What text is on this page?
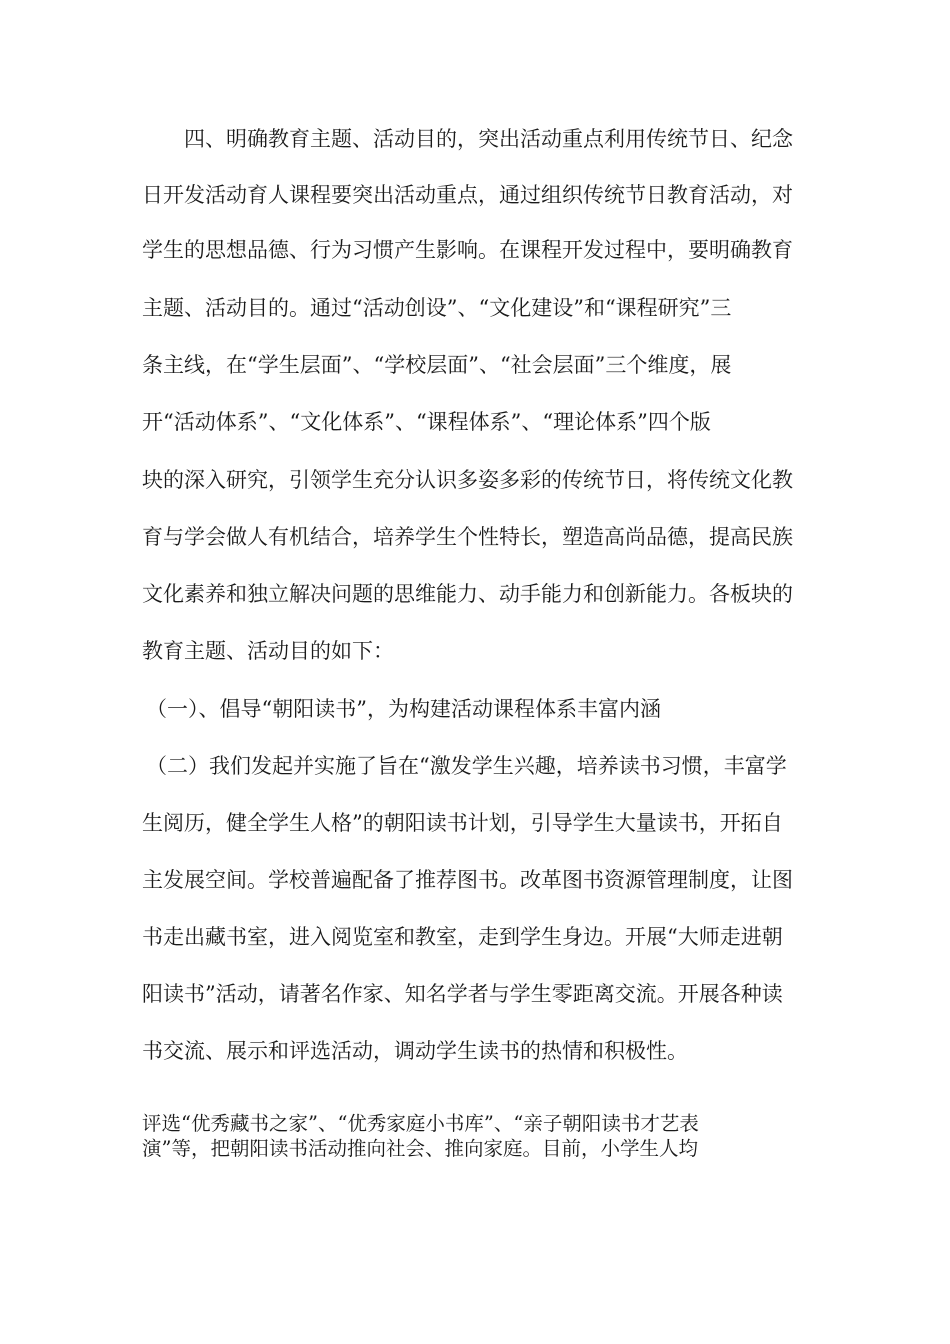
四、明确教育主题、活动目的，突出活动重点利用传统节日、纪念
日开发活动育人课程要突出活动重点，通过组织传统节日教育活动，对
学生的思想品德、行为习惯产生影响。在课程开发过程中，要明确教育
主题、活动目的。通过“活动创设”、“文化建设”和“课程研究”三
条主线，在“学生层面”、“学校层面”、“社会层面”三个维度，展
开“活动体系”、“文化体系”、“课程体系”、“理论体系”四个版
块的深入研究，引领学生充分认识多姿多彩的传统节日，将传统文化教
育与学会做人有机结合，培养学生个性特长，塑造高尚品德，提高民族
文化素养和独立解决问题的思维能力、动手能力和创新能力。各板块的
教育主题、活动目的如下：
（一）、倡导“朝阳读书”，为构建活动课程体系丰富内涵
（二）我们发起并实施了旨在“激发学生兴趣，培养读书习惯，丰富学
生阅历，健全学生人格”的朝阳读书计划，引导学生大量读书，开拓自
主发展空间。学校普遍配备了推荐图书。改革图书资源管理制度，让图
书走出藏书室，进入阅览室和教室，走到学生身边。开展“大师走进朝
阳读书”活动，请著名作家、知名学者与学生零距离交流。开展各种读
书交流、展示和评选活动，调动学生读书的热情和积极性。
评选“优秀藏书之家”、“优秀家庭小书库”、“亲子朝阳读书才艺表
演”等，把朝阳读书活动推向社会、推向家庭。目前，小学生人均
